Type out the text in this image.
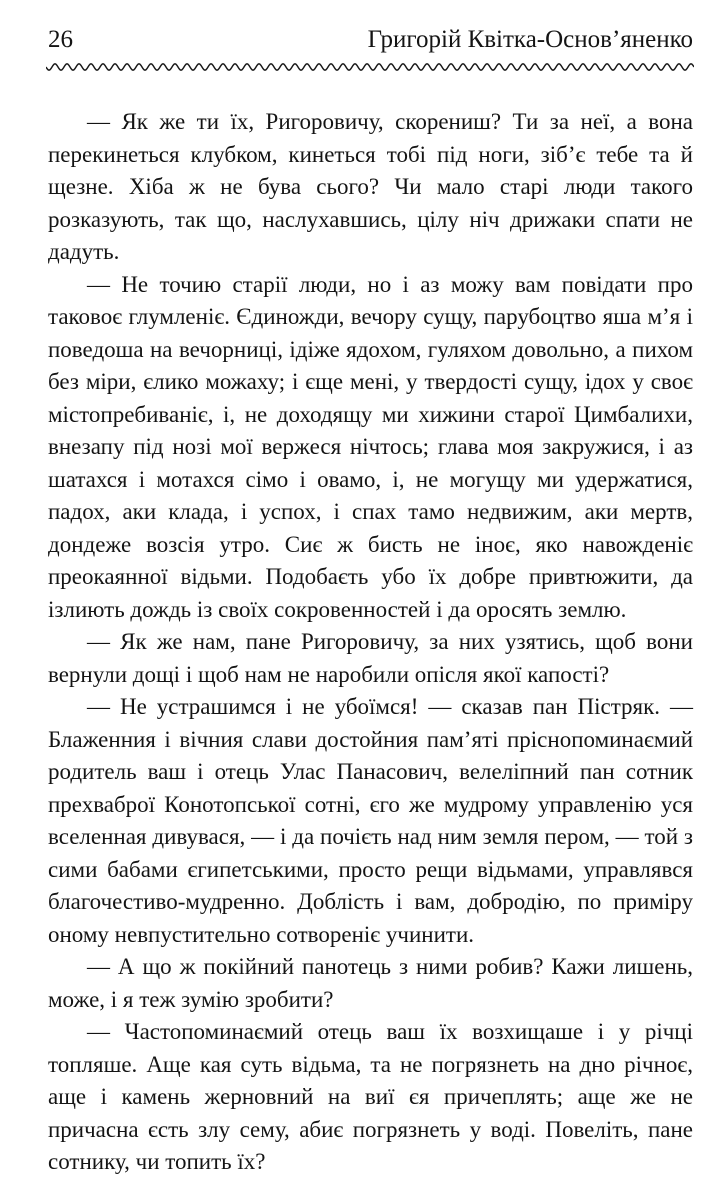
26	Григорій Квітка-Основ’яненко

— Як же ти їх, Ригоровичу, скорениш? Ти за неї, а вона перекинеться клубком, кинеться тобі під ноги, зіб’є тебе та й щезне. Хіба ж не бува сього? Чи мало старі люди такого розказують, так що, наслухавшись, цілу ніч дрижаки спати не дадуть.

— Не точию старії люди, но і аз можу вам повідати про таковоє глумленіє. Єдиножди, вечору сущу, парубоцтво яша м’я і поведоша на вечорниці, ідіже ядохом, гуляхом довольно, а пихом без міри, єлико можаху; і єще мені, у твердості сущу, ідох у своє містопребиваніє, і, не доходящу ми хижини старої Цимбалихи, внезапу під нозі мої вержеся нічтось; глава моя закружися, і аз шатахся і мотахся сімо і овамо, і, не могущу ми удержатися, падох, аки клада, і успох, і спах тамо недвижим, аки мертв, дондеже возсія утро. Сиє ж бисть не іноє, яко навожденіє преокаянної відьми. Подобаєть убо їх добре привтюжити, да ізлиють дождь із своїх сокровенностей і да оросять землю.

— Як же нам, пане Ригоровичу, за них узятись, щоб вони вернули дощі і щоб нам не наробили опісля якої капості?

— Не устрашимся і не убоїмся! — сказав пан Пістряк. — Блаженния і вічния слави достойния пам’яті пріснопоминаємий родитель ваш і отець Улас Панасович, велеліпний пан сотник прехваброї Конотопської сотні, єго же мудрому управленію уся вселенная дивувася, — і да почієть над ним земля пером, — той з сими бабами єгипетськими, просто рещи відьмами, управлявся благочестиво-мудренно. Доблість і вам, добродію, по приміру оному невпустительно сотворенiє учинити.

— А що ж покійний панотець з ними робив? Кажи лишень, може, і я теж зумію зробити?

— Частопоминаємий отець ваш їх возхищаше і у річці топляше. Аще кая суть відьма, та не погрязнеть на дно річноє, аще і камень жерновний на виї єя причеплять; аще же не причасна єсть злу сему, абиє погрязнеть у воді. Повеліть, пане сотнику, чи топить їх?
